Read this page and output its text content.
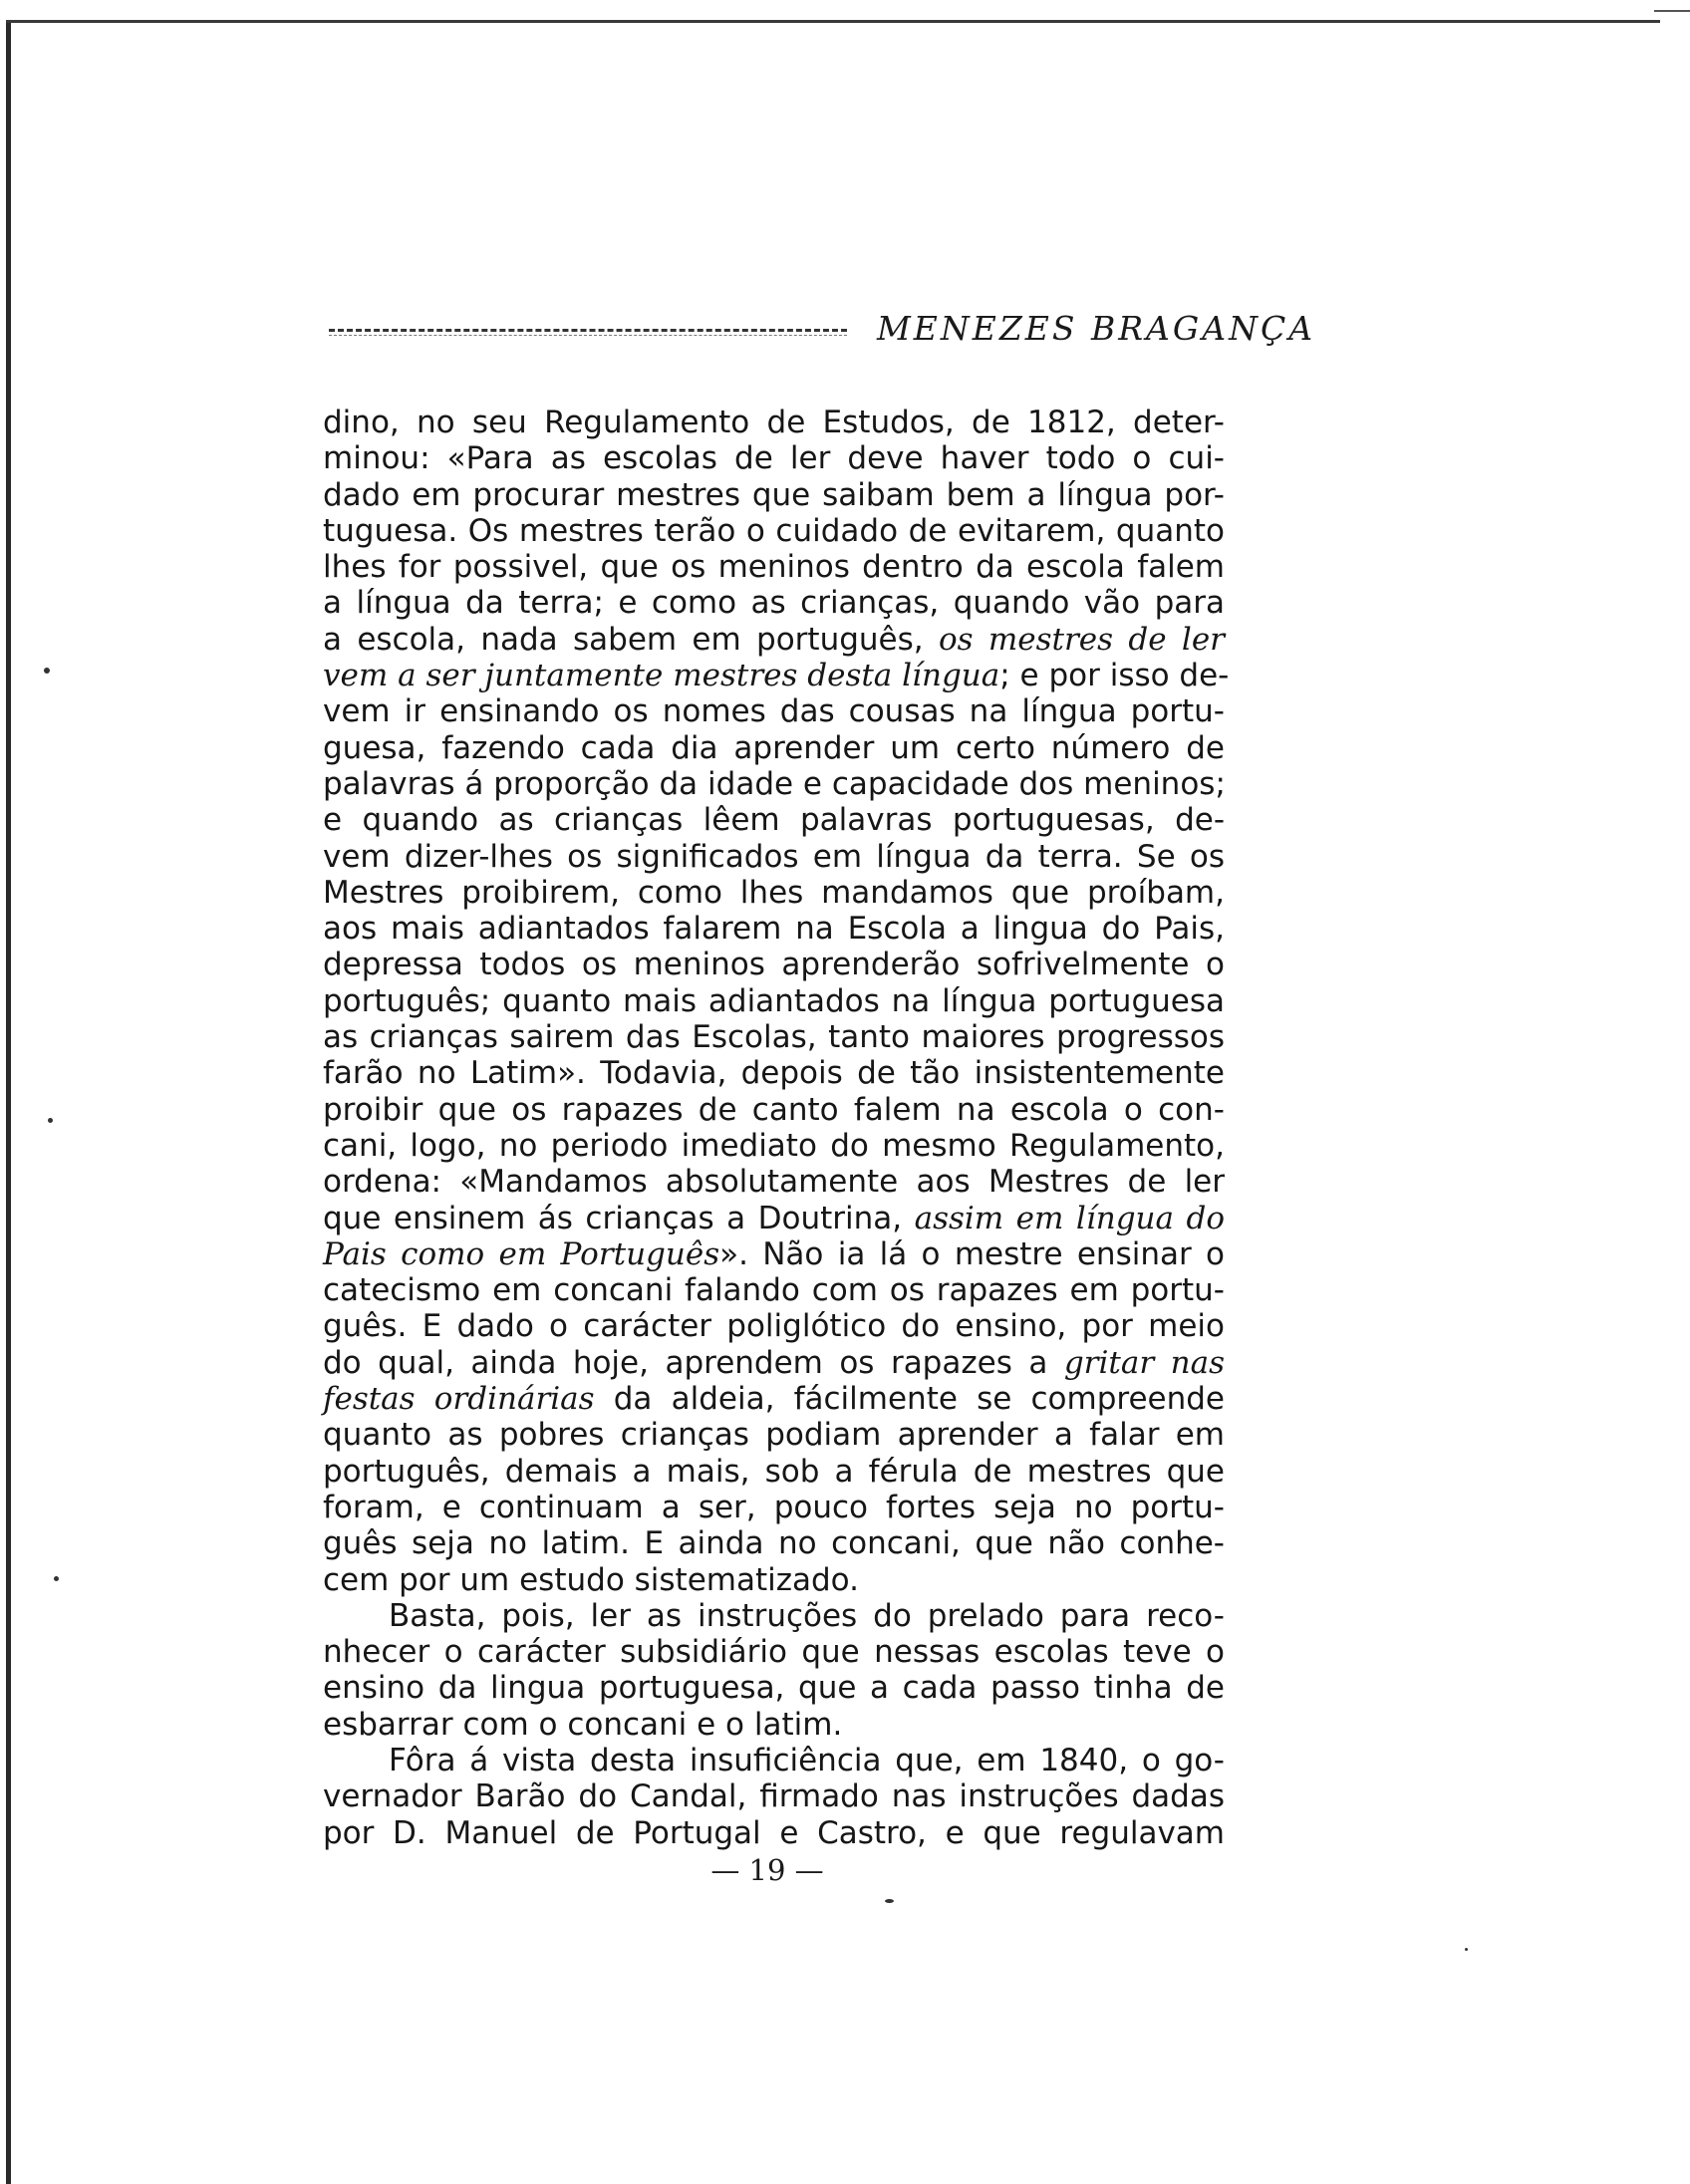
MENEZES BRAGANÇA
dino, no seu Regulamento de Estudos, de 1812, deter-
minou: «Para as escolas de ler deve haver todo o cui-
dado em procurar mestres que saibam bem a língua por-
tuguesa. Os mestres terão o cuidado de evitarem, quanto
lhes for possivel, que os meninos dentro da escola falem
a língua da terra; e como as crianças, quando vão para
a escola, nada sabem em português, os mestres de ler
vem a ser juntamente mestres desta língua; e por isso de-
vem ir ensinando os nomes das cousas na língua portu-
guesa, fazendo cada dia aprender um certo número de
palavras á proporção da idade e capacidade dos meninos;
e quando as crianças lêem palavras portuguesas, de-
vem dizer-lhes os significados em língua da terra. Se os
Mestres proibirem, como lhes mandamos que proíbam,
aos mais adiantados falarem na Escola a lingua do Pais,
depressa todos os meninos aprenderão sofrivelmente o
português; quanto mais adiantados na língua portuguesa
as crianças sairem das Escolas, tanto maiores progressos
farão no Latim». Todavia, depois de tão insistentemente
proibir que os rapazes de canto falem na escola o con-
cani, logo, no periodo imediato do mesmo Regulamento,
ordena: «Mandamos absolutamente aos Mestres de ler
que ensinem ás crianças a Doutrina, assim em língua do
Pais como em Português». Não ia lá o mestre ensinar o
catecismo em concani falando com os rapazes em portu-
guês. E dado o carácter poliglótico do ensino, por meio
do qual, ainda hoje, aprendem os rapazes a gritar nas
festas ordinárias da aldeia, fácilmente se compreende
quanto as pobres crianças podiam aprender a falar em
português, demais a mais, sob a férula de mestres que
foram, e continuam a ser, pouco fortes seja no portu-
guês seja no latim. E ainda no concani, que não conhe-
cem por um estudo sistematizado.
Basta, pois, ler as instruções do prelado para reco-
nhecer o carácter subsidiário que nessas escolas teve o
ensino da lingua portuguesa, que a cada passo tinha de
esbarrar com o concani e o latim.
Fôra á vista desta insuficiência que, em 1840, o go-
vernador Barão do Candal, firmado nas instruções dadas
por D. Manuel de Portugal e Castro, e que regulavam
— 19 —
